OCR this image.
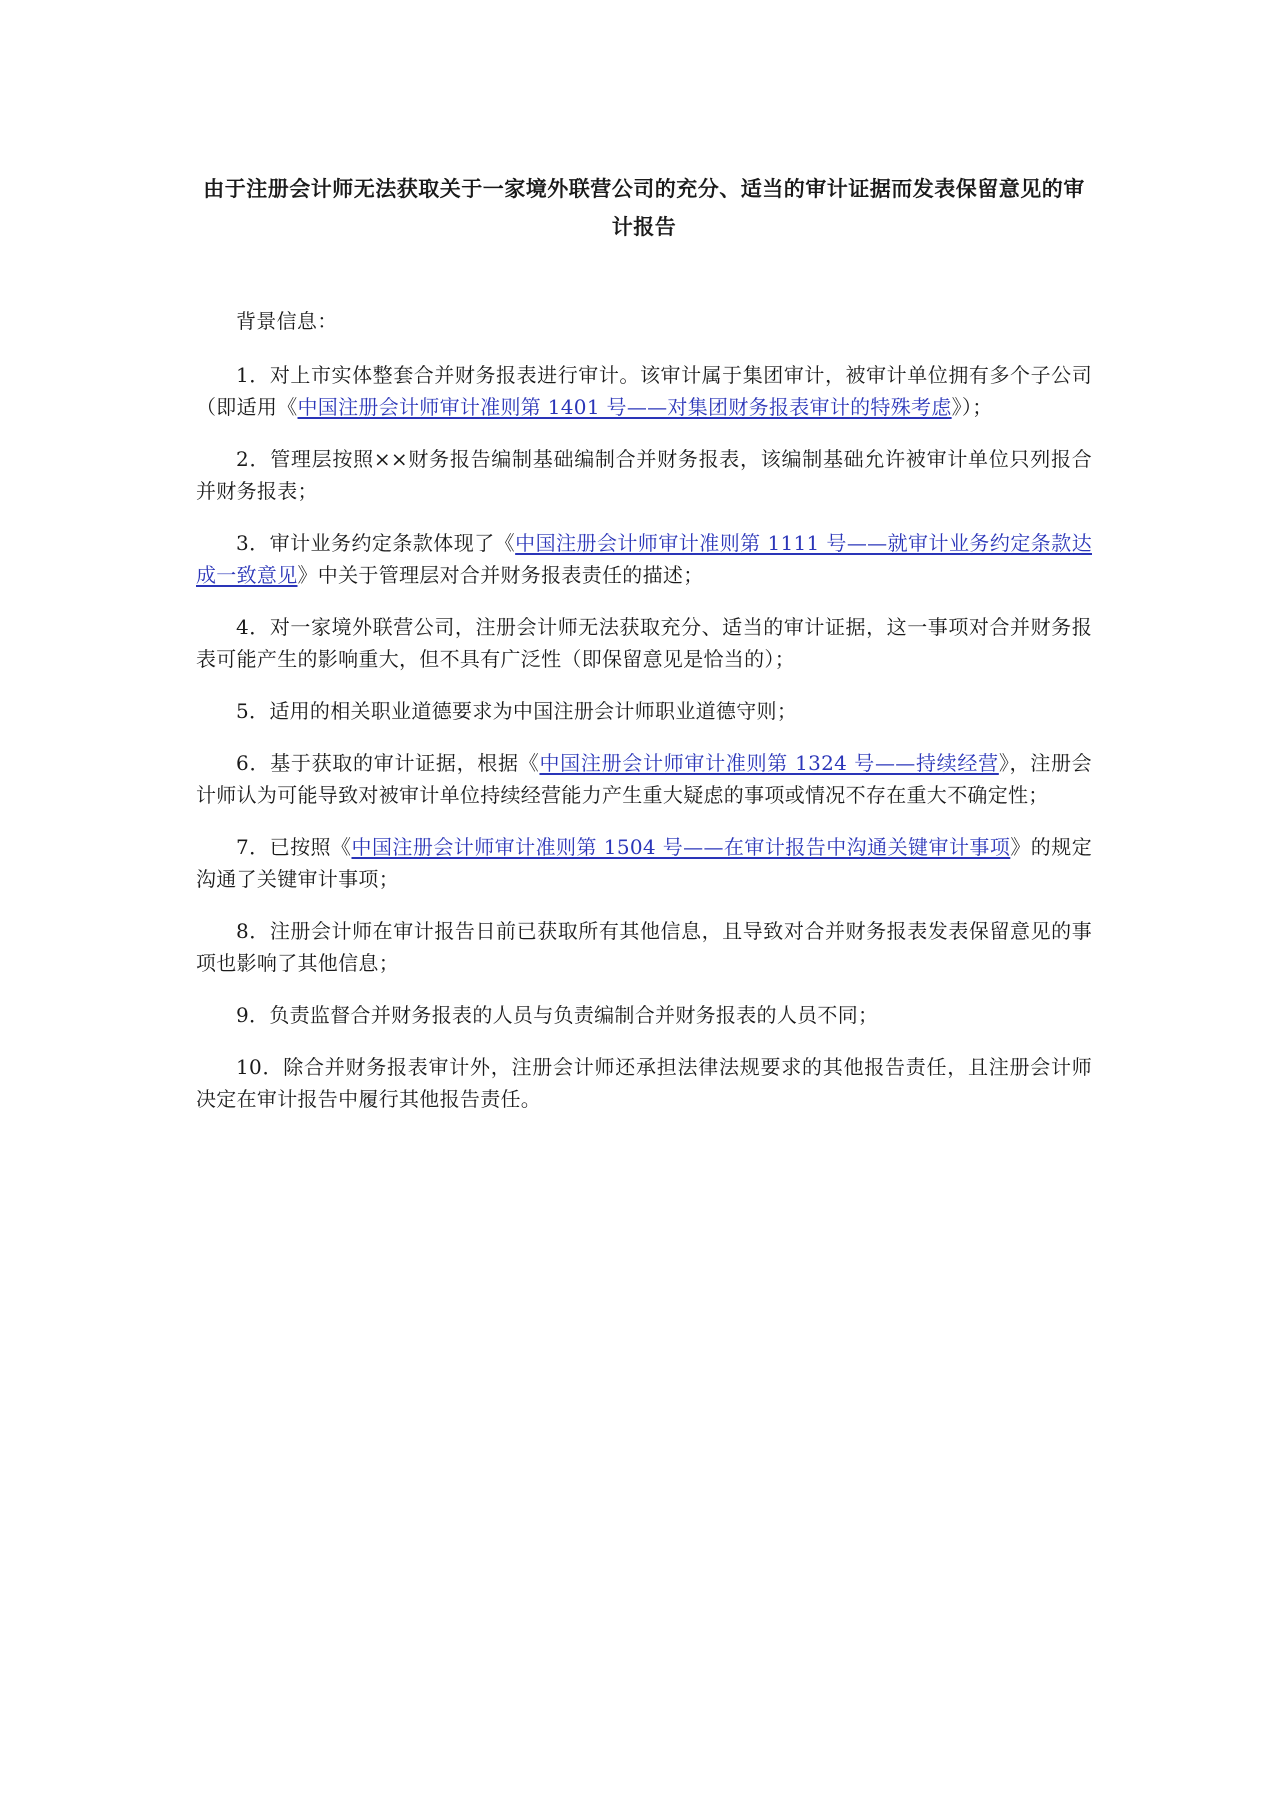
由于注册会计师无法获取关于一家境外联营公司的充分、适当的审计证据而发表保留意见的审计报告

背景信息：

1．对上市实体整套合并财务报表进行审计。该审计属于集团审计，被审计单位拥有多个子公司（即适用《中国注册会计师审计准则第 1401 号——对集团财务报表审计的特殊考虑》）；

2．管理层按照××财务报告编制基础编制合并财务报表，该编制基础允许被审计单位只列报合并财务报表；

3．审计业务约定条款体现了《中国注册会计师审计准则第 1111 号——就审计业务约定条款达成一致意见》中关于管理层对合并财务报表责任的描述；

4．对一家境外联营公司，注册会计师无法获取充分、适当的审计证据，这一事项对合并财务报表可能产生的影响重大，但不具有广泛性（即保留意见是恰当的）；

5．适用的相关职业道德要求为中国注册会计师职业道德守则；

6．基于获取的审计证据，根据《中国注册会计师审计准则第 1324 号——持续经营》，注册会计师认为可能导致对被审计单位持续经营能力产生重大疑虑的事项或情况不存在重大不确定性；

7．已按照《中国注册会计师审计准则第 1504 号——在审计报告中沟通关键审计事项》的规定沟通了关键审计事项；

8．注册会计师在审计报告日前已获取所有其他信息，且导致对合并财务报表发表保留意见的事项也影响了其他信息；

9．负责监督合并财务报表的人员与负责编制合并财务报表的人员不同；

10．除合并财务报表审计外，注册会计师还承担法律法规要求的其他报告责任，且注册会计师决定在审计报告中履行其他报告责任。
